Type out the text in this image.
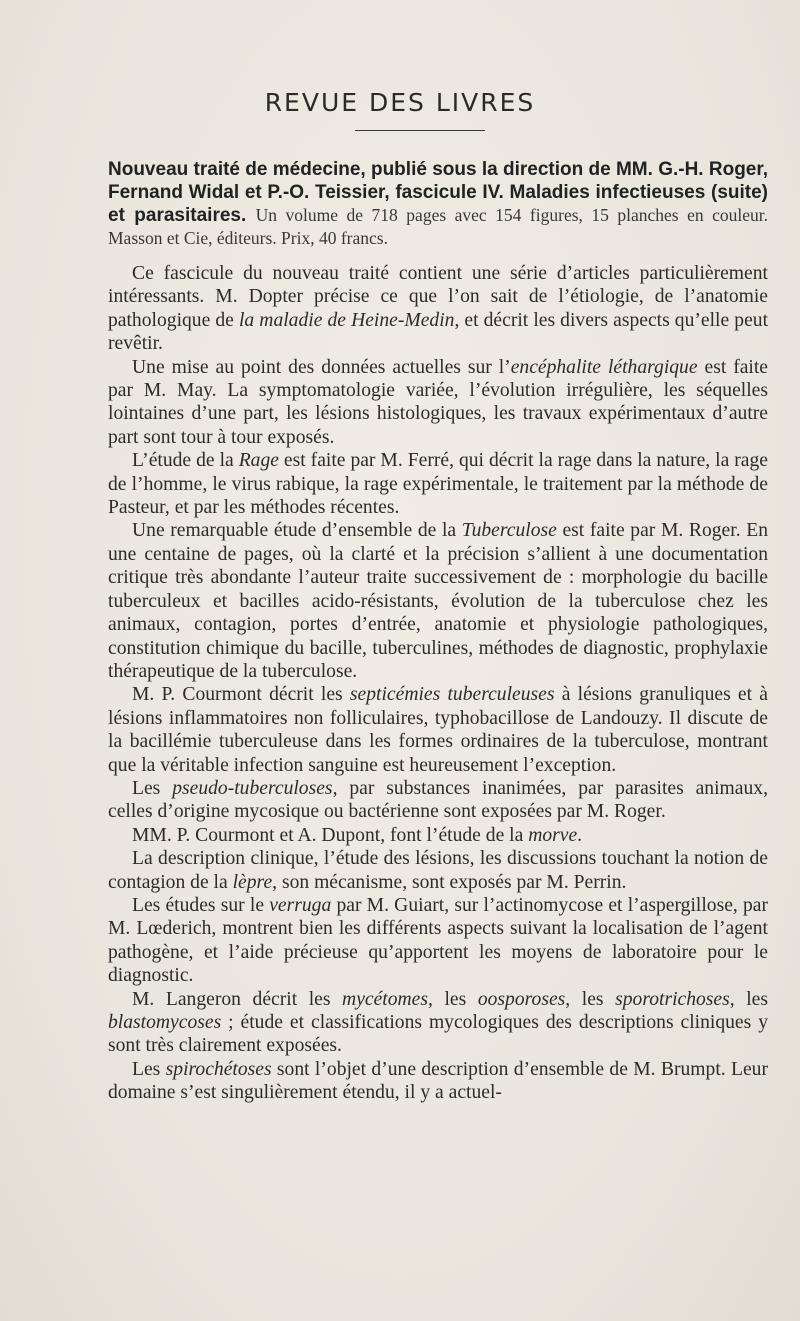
REVUE DES LIVRES
Nouveau traité de médecine, publié sous la direction de MM. G.-H. Roger, Fernand Widal et P.-O. Teissier, fascicule IV. Maladies infectieuses (suite) et parasitaires. Un volume de 718 pages avec 154 figures, 15 planches en couleur. Masson et Cie, éditeurs. Prix, 40 francs.

Ce fascicule du nouveau traité contient une série d’articles particulièrement intéressants. M. Dopter précise ce que l’on sait de l’étiologie, de l’anatomie pathologique de la maladie de Heine-Medin, et décrit les divers aspects qu’elle peut revêtir.

Une mise au point des données actuelles sur l’encéphalite léthargique est faite par M. May. La symptomatologie variée, l’évolution irrégulière, les séquelles lointaines d’une part, les lésions histologiques, les travaux expérimentaux d’autre part sont tour à tour exposés.

L’étude de la Rage est faite par M. Ferré, qui décrit la rage dans la nature, la rage de l’homme, le virus rabique, la rage expérimentale, le traitement par la méthode de Pasteur, et par les méthodes récentes.

Une remarquable étude d’ensemble de la Tuberculose est faite par M. Roger. En une centaine de pages, où la clarté et la précision s’allient à une documentation critique très abondante l’auteur traite successivement de : morphologie du bacille tuberculeux et bacilles acido-résistants, évolution de la tuberculose chez les animaux, contagion, portes d’entrée, anatomie et physiologie pathologiques, constitution chimique du bacille, tuberculines, méthodes de diagnostic, prophylaxie thérapeutique de la tuberculose.

M. P. Courmont décrit les septicémies tuberculeuses à lésions granuliques et à lésions inflammatoires non folliculaires, typhobacillose de Landouzy. Il discute de la bacillémie tuberculeuse dans les formes ordinaires de la tuberculose, montrant que la véritable infection sanguine est heureusement l’exception.

Les pseudo-tuberculoses, par substances inanimées, par parasites animaux, celles d’origine mycosique ou bactérienne sont exposées par M. Roger.

MM. P. Courmont et A. Dupont, font l’étude de la morve.

La description clinique, l’étude des lésions, les discussions touchant la notion de contagion de la lèpre, son mécanisme, sont exposés par M. Perrin.

Les études sur le verruga par M. Guiart, sur l’actinomycose et l’aspergillose, par M. Lœderich, montrent bien les différents aspects suivant la localisation de l’agent pathogène, et l’aide précieuse qu’apportent les moyens de laboratoire pour le diagnostic.

M. Langeron décrit les mycétomes, les oosporoses, les sporotrichoses, les blastomycoses ; étude et classifications mycologiques des descriptions cliniques y sont très clairement exposées.

Les spirochétoses sont l’objet d’une description d’ensemble de M. Brumpt. Leur domaine s’est singulièrement étendu, il y a actuel-
